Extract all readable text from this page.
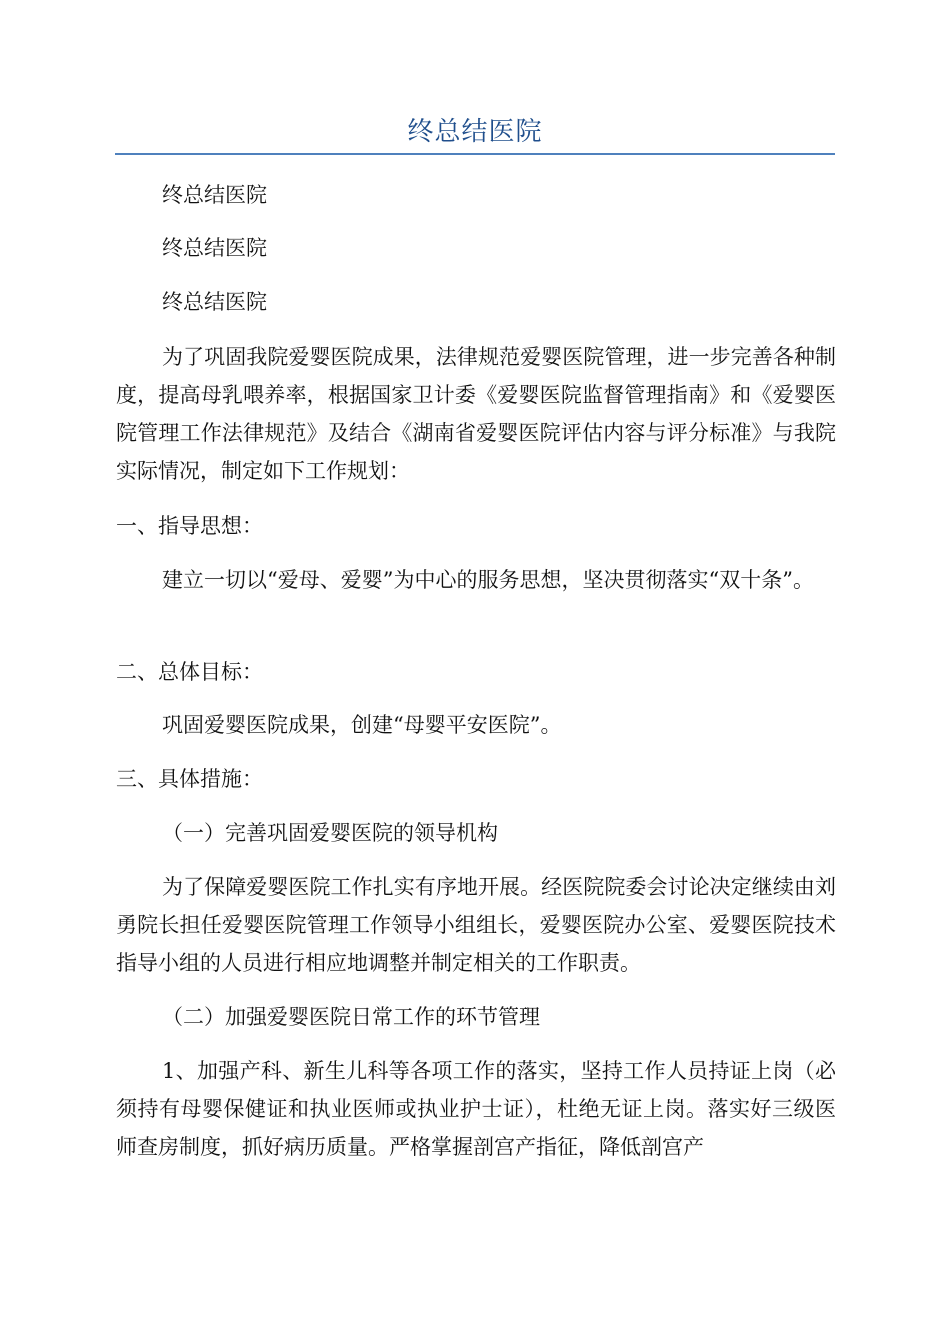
终总结医院

终总结医院

终总结医院

终总结医院

为了巩固我院爱婴医院成果，法律规范爱婴医院管理，进一步完善各种制度，提高母乳喂养率，根据国家卫计委《爱婴医院监督管理指南》和《爱婴医院管理工作法律规范》及结合《湖南省爱婴医院评估内容与评分标准》与我院实际情况，制定如下工作规划：

一、指导思想：

建立一切以“爱母、爱婴”为中心的服务思想，坚决贯彻落实“双十条”。

二、总体目标：

巩固爱婴医院成果，创建“母婴平安医院”。

三、具体措施：

（一）完善巩固爱婴医院的领导机构

为了保障爱婴医院工作扎实有序地开展。经医院院委会讨论决定继续由刘勇院长担任爱婴医院管理工作领导小组组长，爱婴医院办公室、爱婴医院技术指导小组的人员进行相应地调整并制定相关的工作职责。

（二）加强爱婴医院日常工作的环节管理

1、加强产科、新生儿科等各项工作的落实，坚持工作人员持证上岗（必须持有母婴保健证和执业医师或执业护士证），杜绝无证上岗。落实好三级医师查房制度，抓好病历质量。严格掌握剖宫产指征，降低剖宫产
